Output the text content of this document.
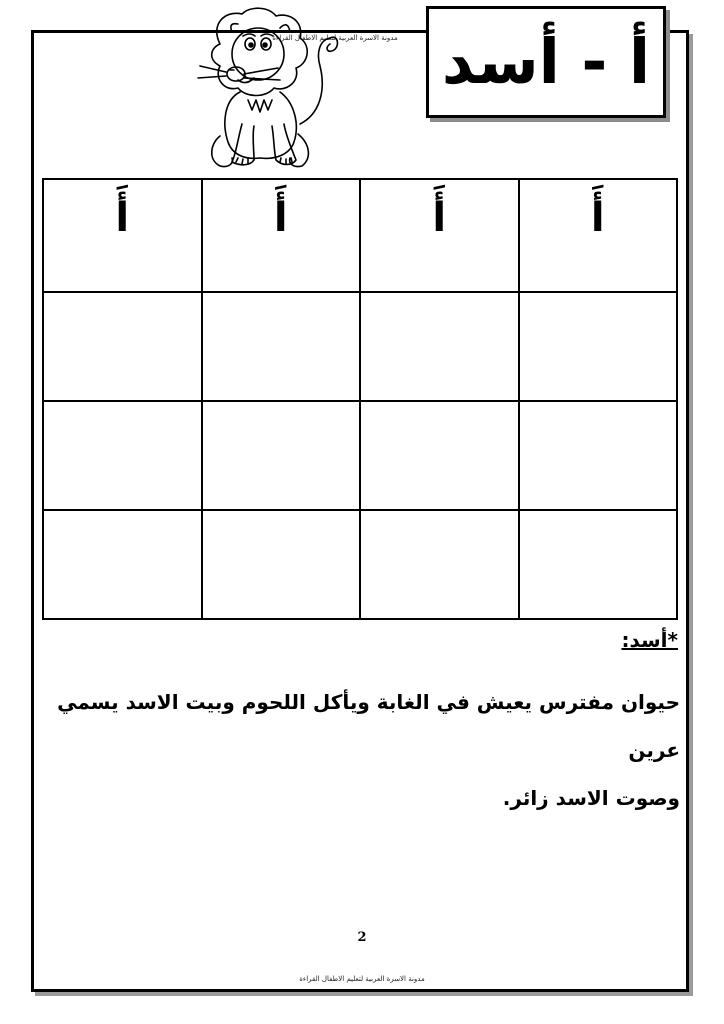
مدونة الاسرة العربية لتعليم الاطفال القراءة أ - أسد
أَ	أَ	أَ	أَ

*أسد:
حيوان مفترس يعيش في الغابة ويأكل اللحوم وبيت الاسد يسمي عرين
وصوت الاسد زائر.
2
مدونة الاسرة العربية لتعليم الاطفال القراءة
